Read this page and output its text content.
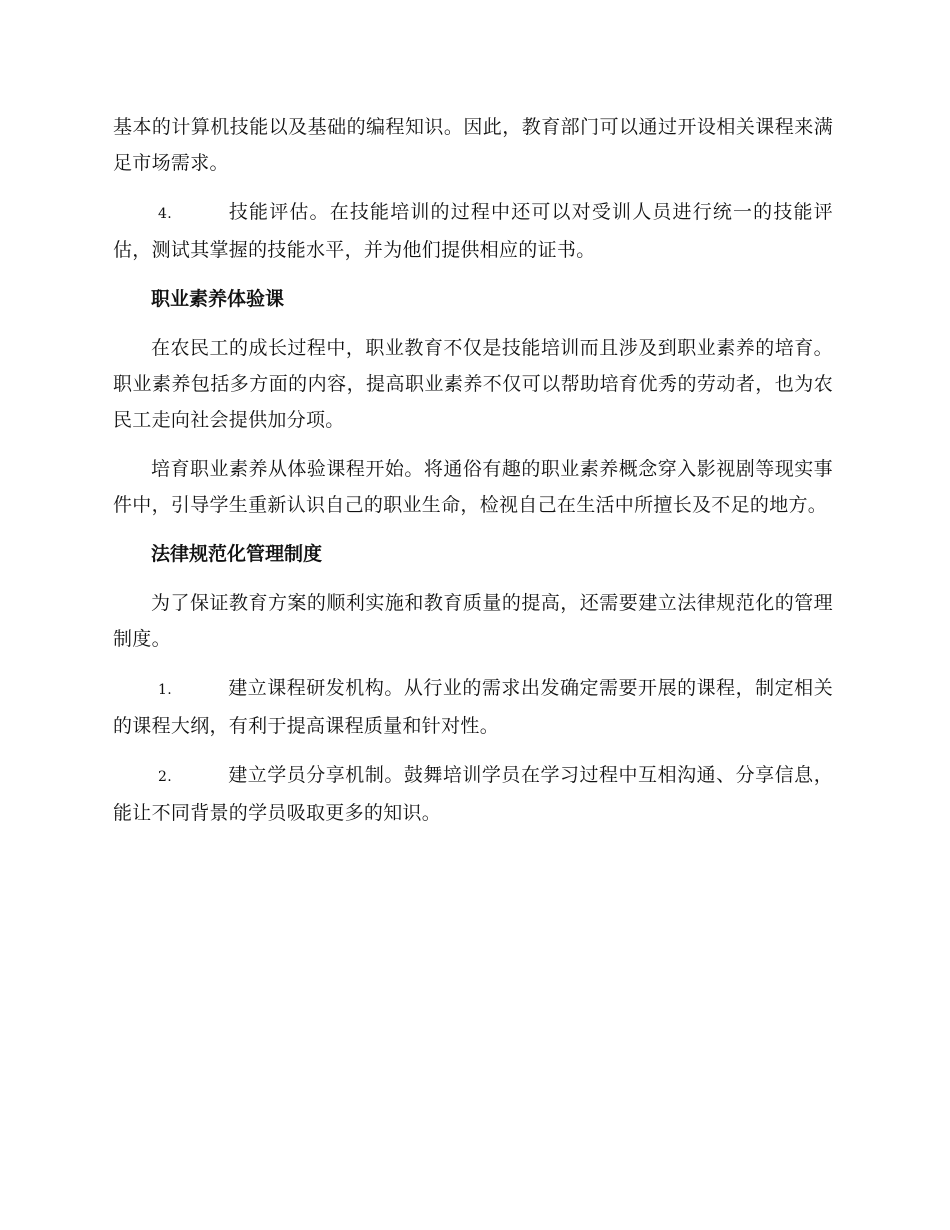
基本的计算机技能以及基础的编程知识。因此，教育部门可以通过开设相关课程来满足市场需求。

4.	技能评估。在技能培训的过程中还可以对受训人员进行统一的技能评估，测试其掌握的技能水平，并为他们提供相应的证书。

职业素养体验课

在农民工的成长过程中，职业教育不仅是技能培训而且涉及到职业素养的培育。职业素养包括多方面的内容，提高职业素养不仅可以帮助培育优秀的劳动者，也为农民工走向社会提供加分项。

培育职业素养从体验课程开始。将通俗有趣的职业素养概念穿入影视剧等现实事件中，引导学生重新认识自己的职业生命，检视自己在生活中所擅长及不足的地方。

法律规范化管理制度

为了保证教育方案的顺利实施和教育质量的提高，还需要建立法律规范化的管理制度。

1.	建立课程研发机构。从行业的需求出发确定需要开展的课程，制定相关的课程大纲，有利于提高课程质量和针对性。

2.	建立学员分享机制。鼓舞培训学员在学习过程中互相沟通、分享信息，能让不同背景的学员吸取更多的知识。
